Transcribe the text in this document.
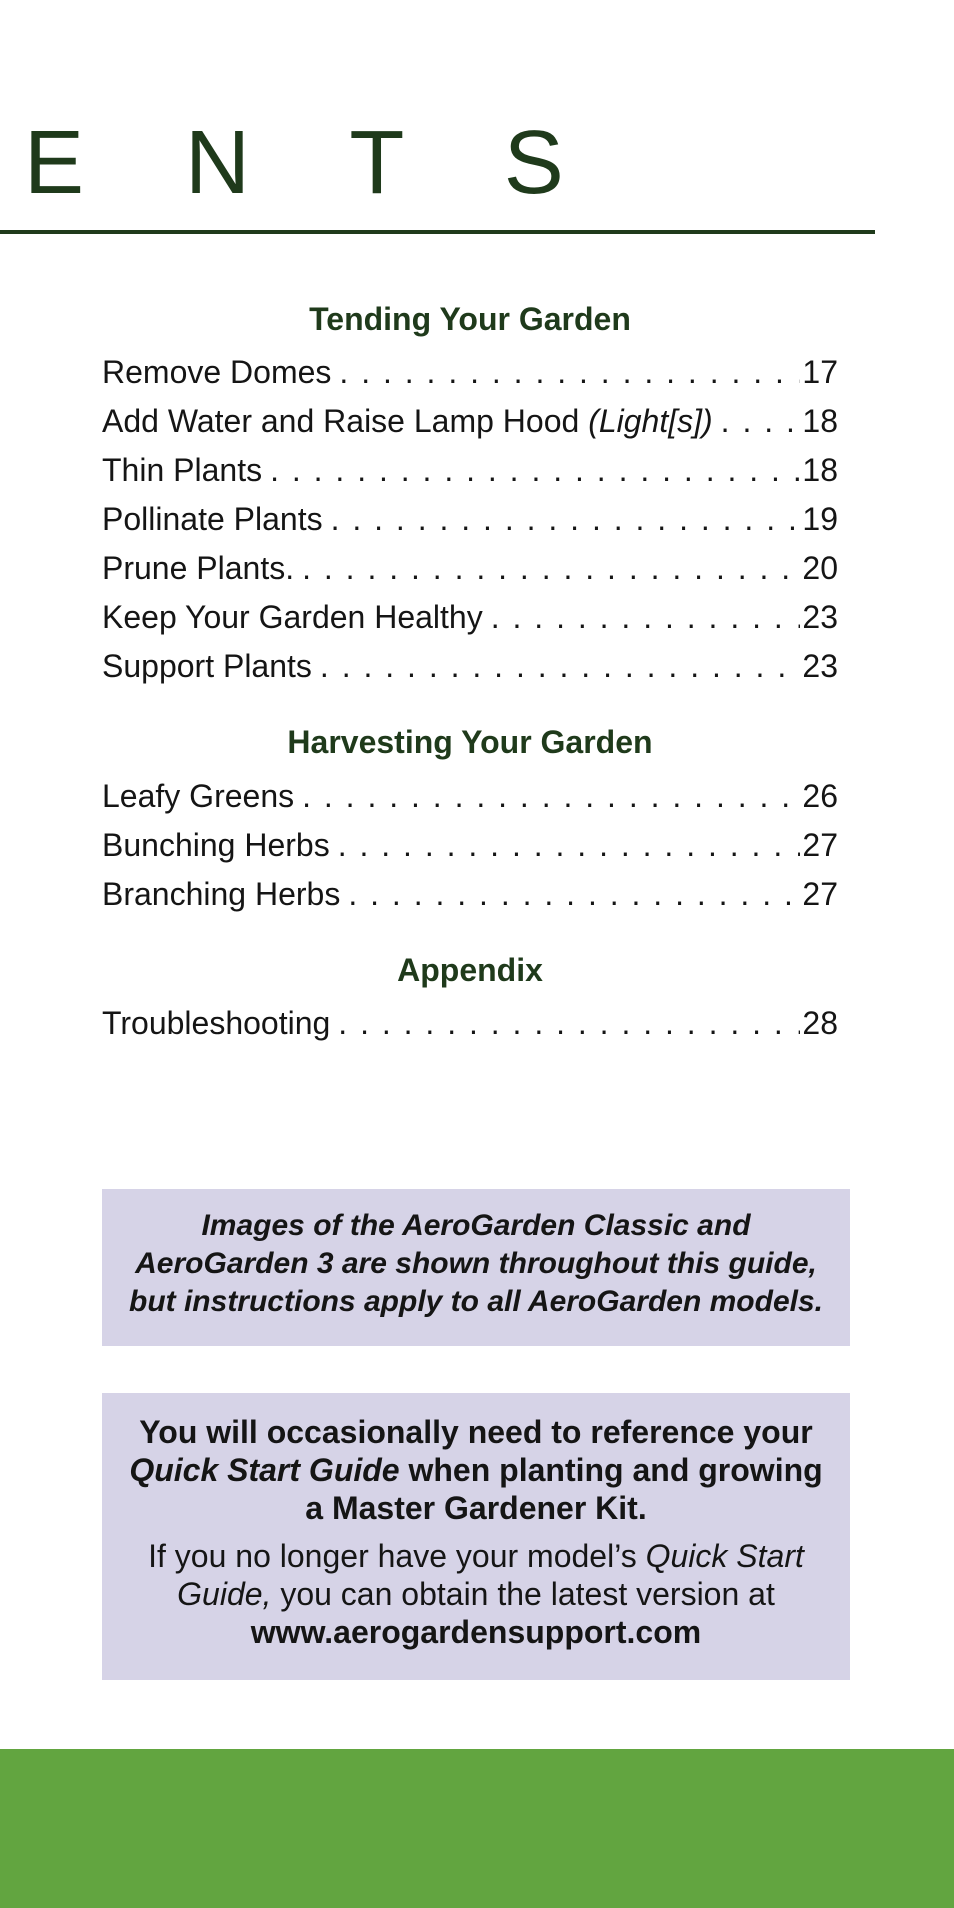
E N T S
Tending Your Garden
Remove Domes . . .	17
Add Water and Raise Lamp Hood (Light[s]) . . .	18
Thin Plants . . .	18
Pollinate Plants . . .	19
Prune Plants. . . .	20
Keep Your Garden Healthy . . .	23
Support Plants . . .	23
Harvesting Your Garden
Leafy Greens . . .	26
Bunching Herbs . . .	27
Branching Herbs . . .	27
Appendix
Troubleshooting . . .	28
Images of the AeroGarden Classic and
AeroGarden 3 are shown throughout this guide,
but instructions apply to all AeroGarden models.
You will occasionally need to reference your Quick Start Guide when planting and growing a Master Gardener Kit.
If you no longer have your model’s Quick Start Guide, you can obtain the latest version at
www.aerogardensupport.com
